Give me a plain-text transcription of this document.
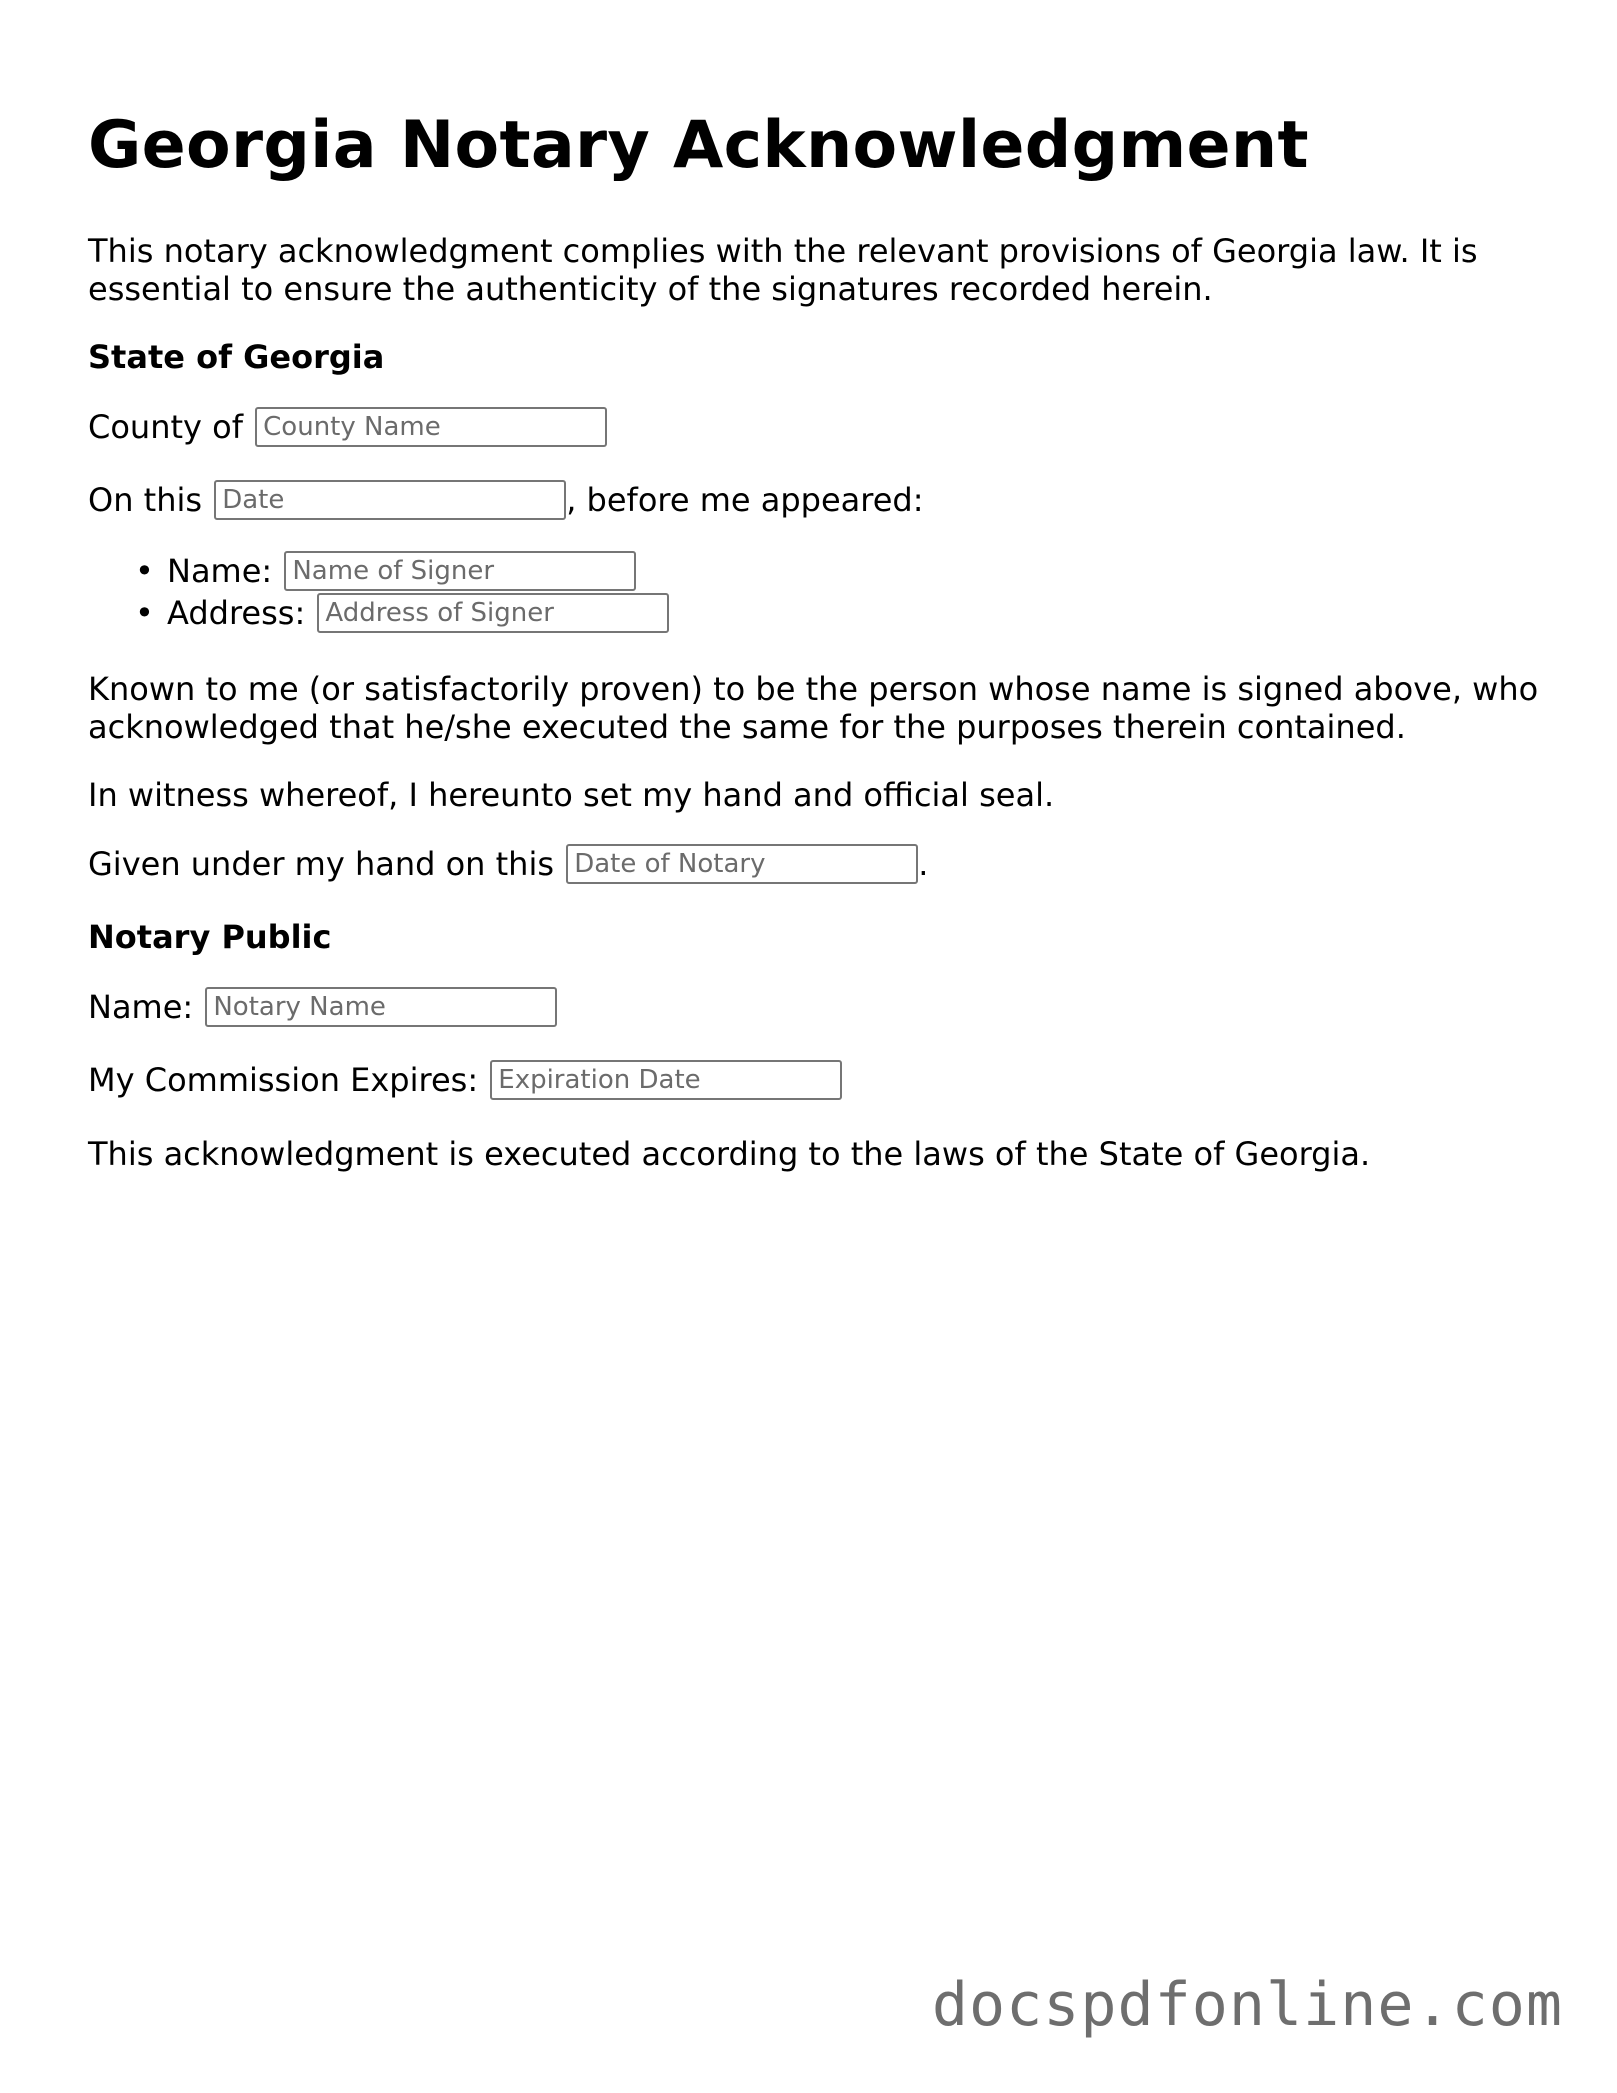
Georgia Notary Acknowledgment
This notary acknowledgment complies with the relevant provisions of Georgia law. It is essential to ensure the authenticity of the signatures recorded herein.
State of Georgia
County of County Name
On this Date	, before me appeared:
• Name: Name of Signer
• Address: Address of Signer
Known to me (or satisfactorily proven) to be the person whose name is signed above, who acknowledged that he/she executed the same for the purposes therein contained.
In witness whereof, I hereunto set my hand and official seal.
Given under my hand on this Date of Notary	.
Notary Public
Name: Notary Name
My Commission Expires: Expiration Date
This acknowledgment is executed according to the laws of the State of Georgia.
docspdfonline.com
